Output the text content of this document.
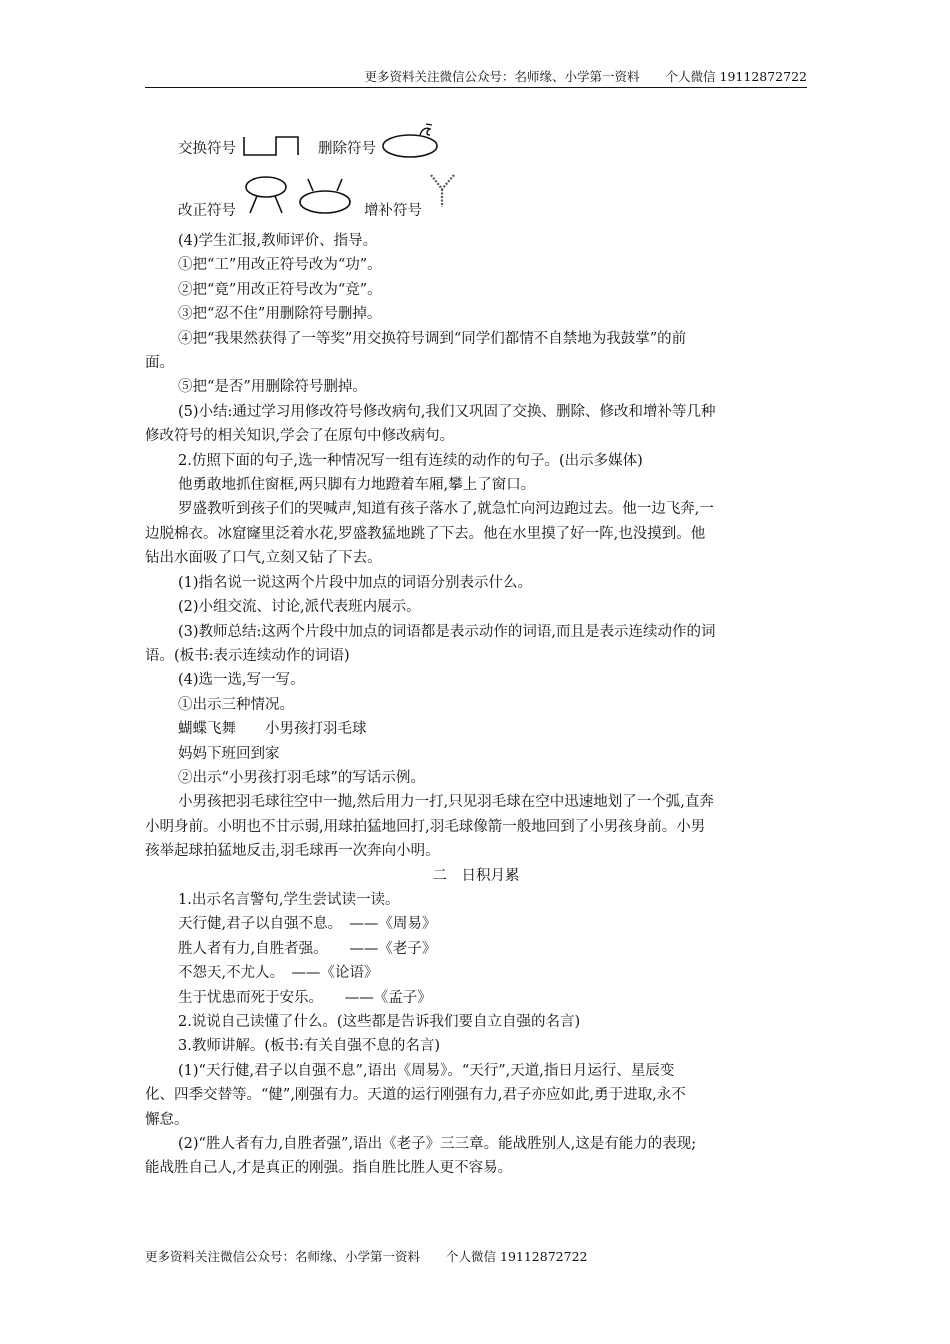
更多资料关注微信公众号：名师缘、小学第一资料 个人微信 19112872722
交换符号	删除符号
改正符号	增补符号

(4)学生汇报,教师评价、指导。

①把“工”用改正符号改为“功”。

②把“竟”用改正符号改为“竞”。

③把“忍不住”用删除符号删掉。

④把“我果然获得了一等奖”用交换符号调到“同学们都情不自禁地为我鼓掌”的前

面。

⑤把“是否”用删除符号删掉。

(5)小结:通过学习用修改符号修改病句,我们又巩固了交换、删除、修改和增补等几种

修改符号的相关知识,学会了在原句中修改病句。

2.仿照下面的句子,选一种情况写一组有连续的动作的句子。(出示多媒体)

他勇敢地抓住窗框,两只脚有力地蹬着车厢,攀上了窗口。

罗盛教听到孩子们的哭喊声,知道有孩子落水了,就急忙向河边跑过去。他一边飞奔,一

边脱棉衣。冰窟窿里泛着水花,罗盛教猛地跳了下去。他在水里摸了好一阵,也没摸到。他

钻出水面吸了口气,立刻又钻了下去。

(1)指名说一说这两个片段中加点的词语分别表示什么。

(2)小组交流、讨论,派代表班内展示。

(3)教师总结:这两个片段中加点的词语都是表示动作的词语,而且是表示连续动作的词

语。(板书:表示连续动作的词语)

(4)选一选,写一写。

①出示三种情况。

蝴蝶飞舞　　小男孩打羽毛球

妈妈下班回到家

②出示“小男孩打羽毛球”的写话示例。

小男孩把羽毛球往空中一抛,然后用力一打,只见羽毛球在空中迅速地划了一个弧,直奔

小明身前。小明也不甘示弱,用球拍猛地回打,羽毛球像箭一般地回到了小男孩身前。小男

孩举起球拍猛地反击,羽毛球再一次奔向小明。

二　日积月累

1.出示名言警句,学生尝试读一读。

天行健,君子以自强不息。　——《周易》

胜人者有力,自胜者强。　　——《老子》

不怨天,不尤人。　——《论语》

生于忧患而死于安乐。　　——《孟子》

2.说说自己读懂了什么。(这些都是告诉我们要自立自强的名言)

3.教师讲解。(板书:有关自强不息的名言)

(1)“天行健,君子以自强不息”,语出《周易》。“天行”,天道,指日月运行、星辰变

化、四季交替等。“健”,刚强有力。天道的运行刚强有力,君子亦应如此,勇于进取,永不

懈怠。

(2)“胜人者有力,自胜者强”,语出《老子》三三章。能战胜别人,这是有能力的表现;

能战胜自己人,才是真正的刚强。指自胜比胜人更不容易。

更多资料关注微信公众号：名师缘、小学第一资料 个人微信 19112872722
